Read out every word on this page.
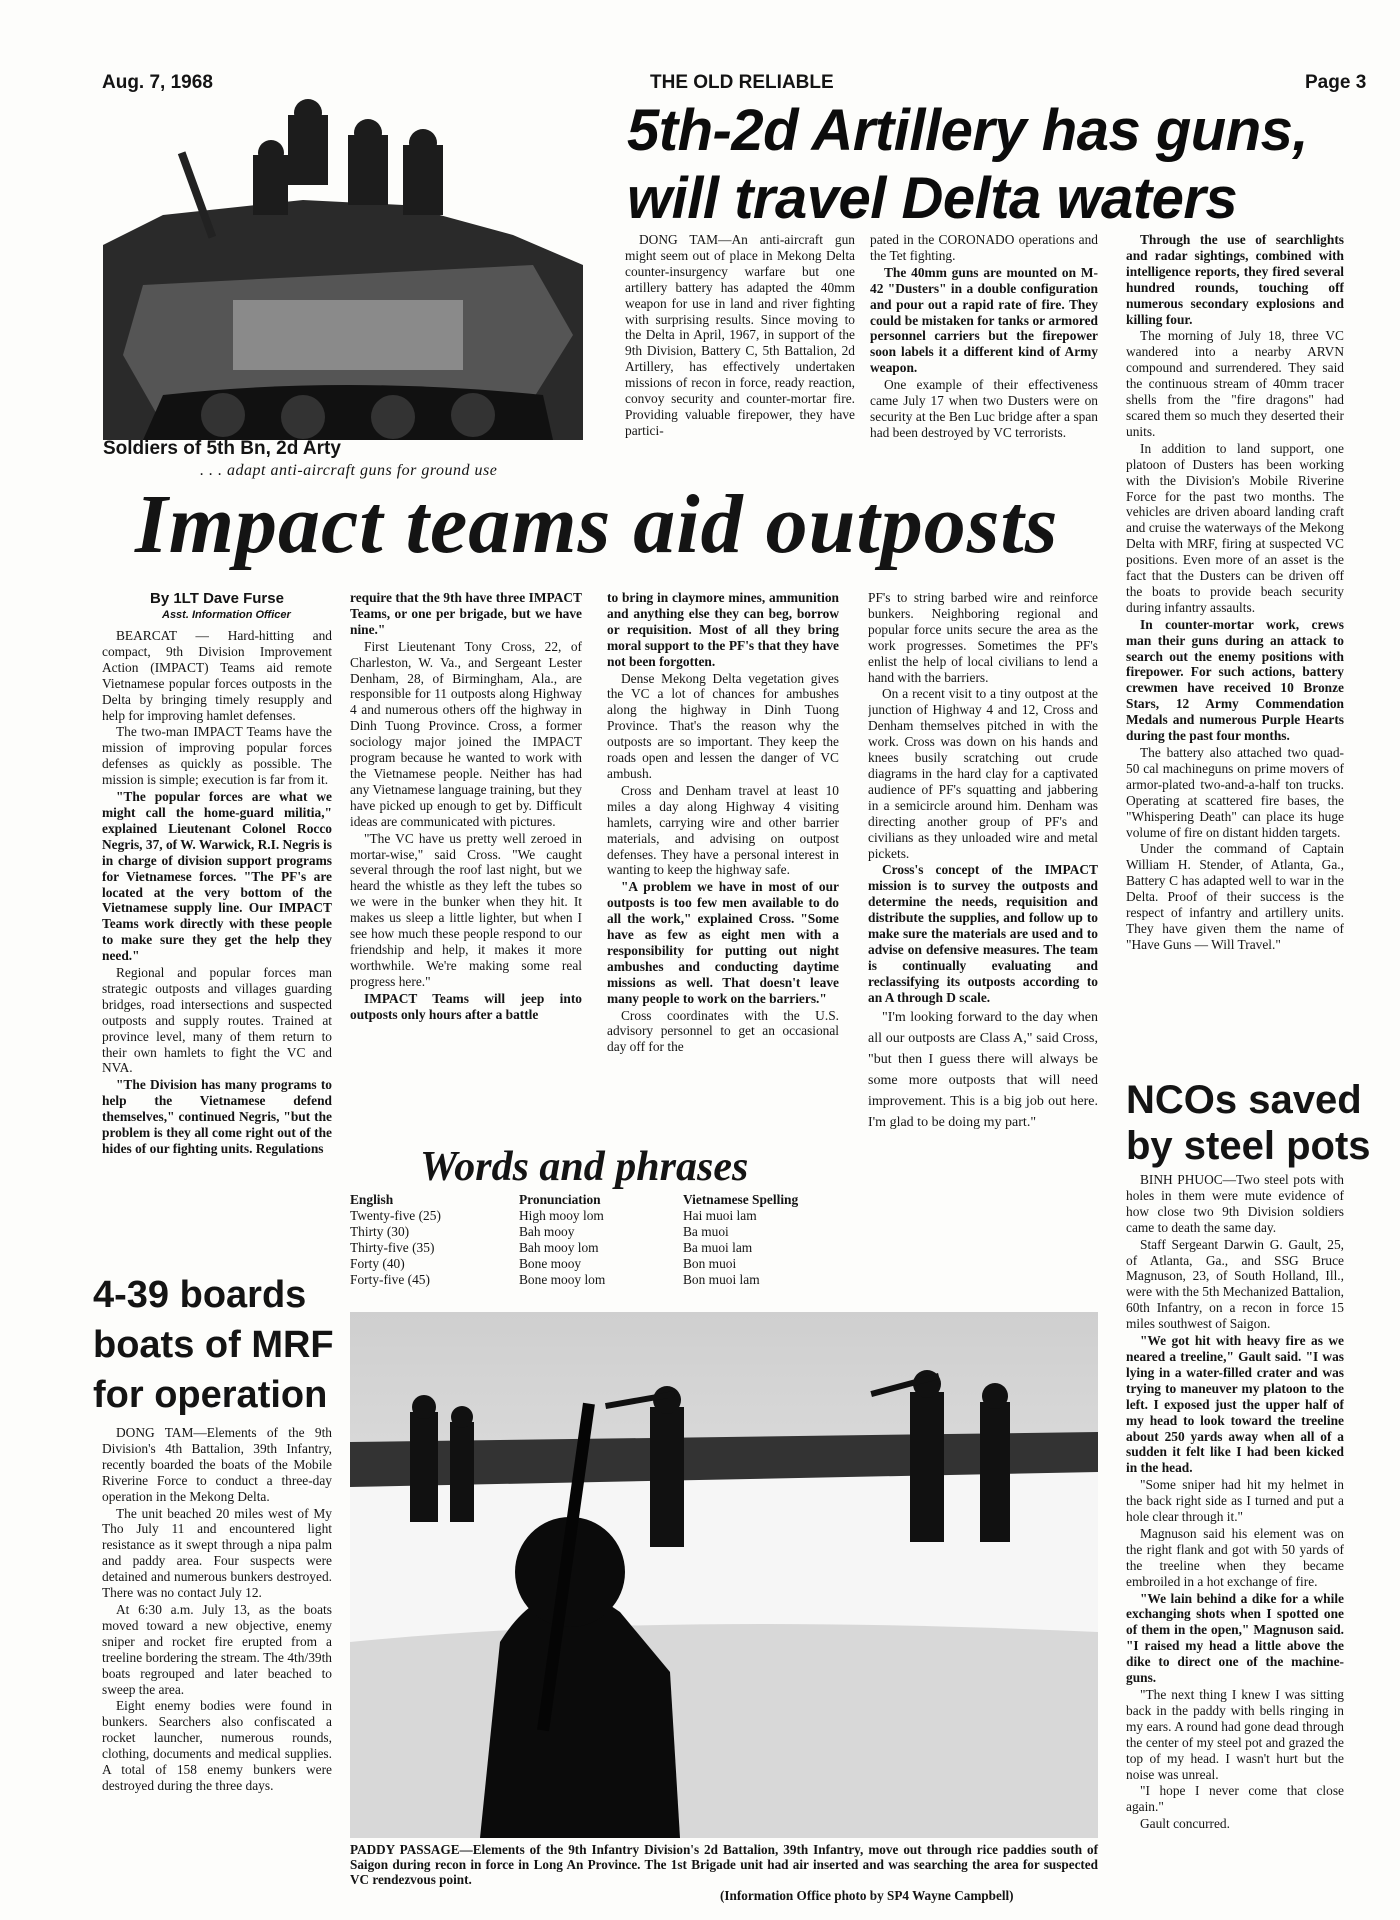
Aug. 7, 1968	THE OLD RELIABLE	Page 3
Soldiers of 5th Bn, 2d Arty
. . . adapt anti-aircraft guns for ground use
5th-2d Artillery has guns,
will travel Delta waters

DONG TAM—An anti-aircraft gun might seem out of place in Mekong Delta counter-insurgency warfare but one artillery battery has adapted the 40mm weapon for use in land and river fighting with surprising results. Since moving to the Delta in April, 1967, in support of the 9th Division, Battery C, 5th Battalion, 2d Artillery, has effectively undertaken missions of recon in force, ready reaction, convoy security and counter-mortar fire. Providing valuable firepower, they have partici-

pated in the CORONADO operations and the Tet fighting.

The 40mm guns are mounted on M-42 "Dusters" in a double configuration and pour out a rapid rate of fire. They could be mistaken for tanks or armored personnel carriers but the firepower soon labels it a different kind of Army weapon.

One example of their effectiveness came July 17 when two Dusters were on security at the Ben Luc bridge after a span had been destroyed by VC terrorists.

Through the use of searchlights and radar sightings, combined with intelligence reports, they fired several hundred rounds, touching off numerous secondary explosions and killing four.

The morning of July 18, three VC wandered into a nearby ARVN compound and surrendered. They said the continuous stream of 40mm tracer shells from the "fire dragons" had scared them so much they deserted their units.

In addition to land support, one platoon of Dusters has been working with the Division's Mobile Riverine Force for the past two months. The vehicles are driven aboard landing craft and cruise the waterways of the Mekong Delta with MRF, firing at suspected VC positions. Even more of an asset is the fact that the Dusters can be driven off the boats to provide beach security during infantry assaults.

In counter-mortar work, crews man their guns during an attack to search out the enemy positions with firepower. For such actions, battery crewmen have received 10 Bronze Stars, 12 Army Commendation Medals and numerous Purple Hearts during the past four months.

The battery also attached two quad-50 cal machineguns on prime movers of armor-plated two-and-a-half ton trucks. Operating at scattered fire bases, the "Whispering Death" can place its huge volume of fire on distant hidden targets.

Under the command of Captain William H. Stender, of Atlanta, Ga., Battery C has adapted well to war in the Delta. Proof of their success is the respect of infantry and artillery units. They have given them the name of "Have Guns — Will Travel."

Impact teams aid outposts
By 1LT Dave Furse
Asst. Information Officer

BEARCAT — Hard-hitting and compact, 9th Division Improvement Action (IMPACT) Teams aid remote Vietnamese popular forces outposts in the Delta by bringing timely resupply and help for improving hamlet defenses.

The two-man IMPACT Teams have the mission of improving popular forces defenses as quickly as possible. The mission is simple; execution is far from it.

"The popular forces are what we might call the home-guard militia," explained Lieutenant Colonel Rocco Negris, 37, of W. Warwick, R.I. Negris is in charge of division support programs for Vietnamese forces. "The PF's are located at the very bottom of the Vietnamese supply line. Our IMPACT Teams work directly with these people to make sure they get the help they need."

Regional and popular forces man strategic outposts and villages guarding bridges, road intersections and suspected outposts and supply routes. Trained at province level, many of them return to their own hamlets to fight the VC and NVA.

"The Division has many programs to help the Vietnamese defend themselves," continued Negris, "but the problem is they all come right out of the hides of our fighting units. Regulations

require that the 9th have three IMPACT Teams, or one per brigade, but we have nine."

First Lieutenant Tony Cross, 22, of Charleston, W. Va., and Sergeant Lester Denham, 28, of Birmingham, Ala., are responsible for 11 outposts along Highway 4 and numerous others off the highway in Dinh Tuong Province. Cross, a former sociology major joined the IMPACT program because he wanted to work with the Vietnamese people. Neither has had any Vietnamese language training, but they have picked up enough to get by. Difficult ideas are communicated with pictures.

"The VC have us pretty well zeroed in mortar-wise," said Cross. "We caught several through the roof last night, but we heard the whistle as they left the tubes so we were in the bunker when they hit. It makes us sleep a little lighter, but when I see how much these people respond to our friendship and help, it makes it more worthwhile. We're making some real progress here."

IMPACT Teams will jeep into outposts only hours after a battle

to bring in claymore mines, ammunition and anything else they can beg, borrow or requisition. Most of all they bring moral support to the PF's that they have not been forgotten.

Dense Mekong Delta vegetation gives the VC a lot of chances for ambushes along the highway in Dinh Tuong Province. That's the reason why the outposts are so important. They keep the roads open and lessen the danger of VC ambush.

Cross and Denham travel at least 10 miles a day along Highway 4 visiting hamlets, carrying wire and other barrier materials, and advising on outpost defenses. They have a personal interest in wanting to keep the highway safe.

"A problem we have in most of our outposts is too few men available to do all the work," explained Cross. "Some have as few as eight men with a responsibility for putting out night ambushes and conducting daytime missions as well. That doesn't leave many people to work on the barriers."

Cross coordinates with the U.S. advisory personnel to get an occasional day off for the

PF's to string barbed wire and reinforce bunkers. Neighboring regional and popular force units secure the area as the work progresses. Sometimes the PF's enlist the help of local civilians to lend a hand with the barriers.

On a recent visit to a tiny outpost at the junction of Highway 4 and 12, Cross and Denham themselves pitched in with the work. Cross was down on his hands and knees busily scratching out crude diagrams in the hard clay for a captivated audience of PF's squatting and jabbering in a semicircle around him. Denham was directing another group of PF's and civilians as they unloaded wire and metal pickets.

Cross's concept of the IMPACT mission is to survey the outposts and determine the needs, requisition and distribute the supplies, and follow up to make sure the materials are used and to advise on defensive measures. The team is continually evaluating and reclassifying its outposts according to an A through D scale.

"I'm looking forward to the day when all our outposts are Class A," said Cross, "but then I guess there will always be some more outposts that will need improvement. This is a big job out here. I'm glad to be doing my part."

Words and phrases
English	Pronunciation	Vietnamese Spelling
Twenty-five (25)	High mooy lom	Hai muoi lam
Thirty (30)	Bah mooy	Ba muoi
Thirty-five (35)	Bah mooy lom	Ba muoi lam
Forty (40)	Bone mooy	Bon muoi
Forty-five (45)	Bone mooy lom	Bon muoi lam
NCOs saved
by steel pots

BINH PHUOC—Two steel pots with holes in them were mute evidence of how close two 9th Division soldiers came to death the same day.

Staff Sergeant Darwin G. Gault, 25, of Atlanta, Ga., and SSG Bruce Magnuson, 23, of South Holland, Ill., were with the 5th Mechanized Battalion, 60th Infantry, on a recon in force 15 miles southwest of Saigon.

"We got hit with heavy fire as we neared a treeline," Gault said. "I was lying in a water-filled crater and was trying to maneuver my platoon to the left. I exposed just the upper half of my head to look toward the treeline about 250 yards away when all of a sudden it felt like I had been kicked in the head.

"Some sniper had hit my helmet in the back right side as I turned and put a hole clear through it."

Magnuson said his element was on the right flank and got with 50 yards of the treeline when they became embroiled in a hot exchange of fire.

"We lain behind a dike for a while exchanging shots when I spotted one of them in the open," Magnuson said. "I raised my head a little above the dike to direct one of the machine-guns.

"The next thing I knew I was sitting back in the paddy with bells ringing in my ears. A round had gone dead through the center of my steel pot and grazed the top of my head. I wasn't hurt but the noise was unreal.

"I hope I never come that close again."

Gault concurred.

4-39 boards
boats of MRF
for operation

DONG TAM—Elements of the 9th Division's 4th Battalion, 39th Infantry, recently boarded the boats of the Mobile Riverine Force to conduct a three-day operation in the Mekong Delta.

The unit beached 20 miles west of My Tho July 11 and encountered light resistance as it swept through a nipa palm and paddy area. Four suspects were detained and numerous bunkers destroyed. There was no contact July 12.

At 6:30 a.m. July 13, as the boats moved toward a new objective, enemy sniper and rocket fire erupted from a treeline bordering the stream. The 4th/39th boats regrouped and later beached to sweep the area.

Eight enemy bodies were found in bunkers. Searchers also confiscated a rocket launcher, numerous rounds, clothing, documents and medical supplies. A total of 158 enemy bunkers were destroyed during the three days.

PADDY PASSAGE—Elements of the 9th Infantry Division's 2d Battalion, 39th Infantry, move out through rice paddies south of Saigon during recon in force in Long An Province. The 1st Brigade unit had air inserted and was searching the area for suspected VC rendezvous point.
(Information Office photo by SP4 Wayne Campbell)
